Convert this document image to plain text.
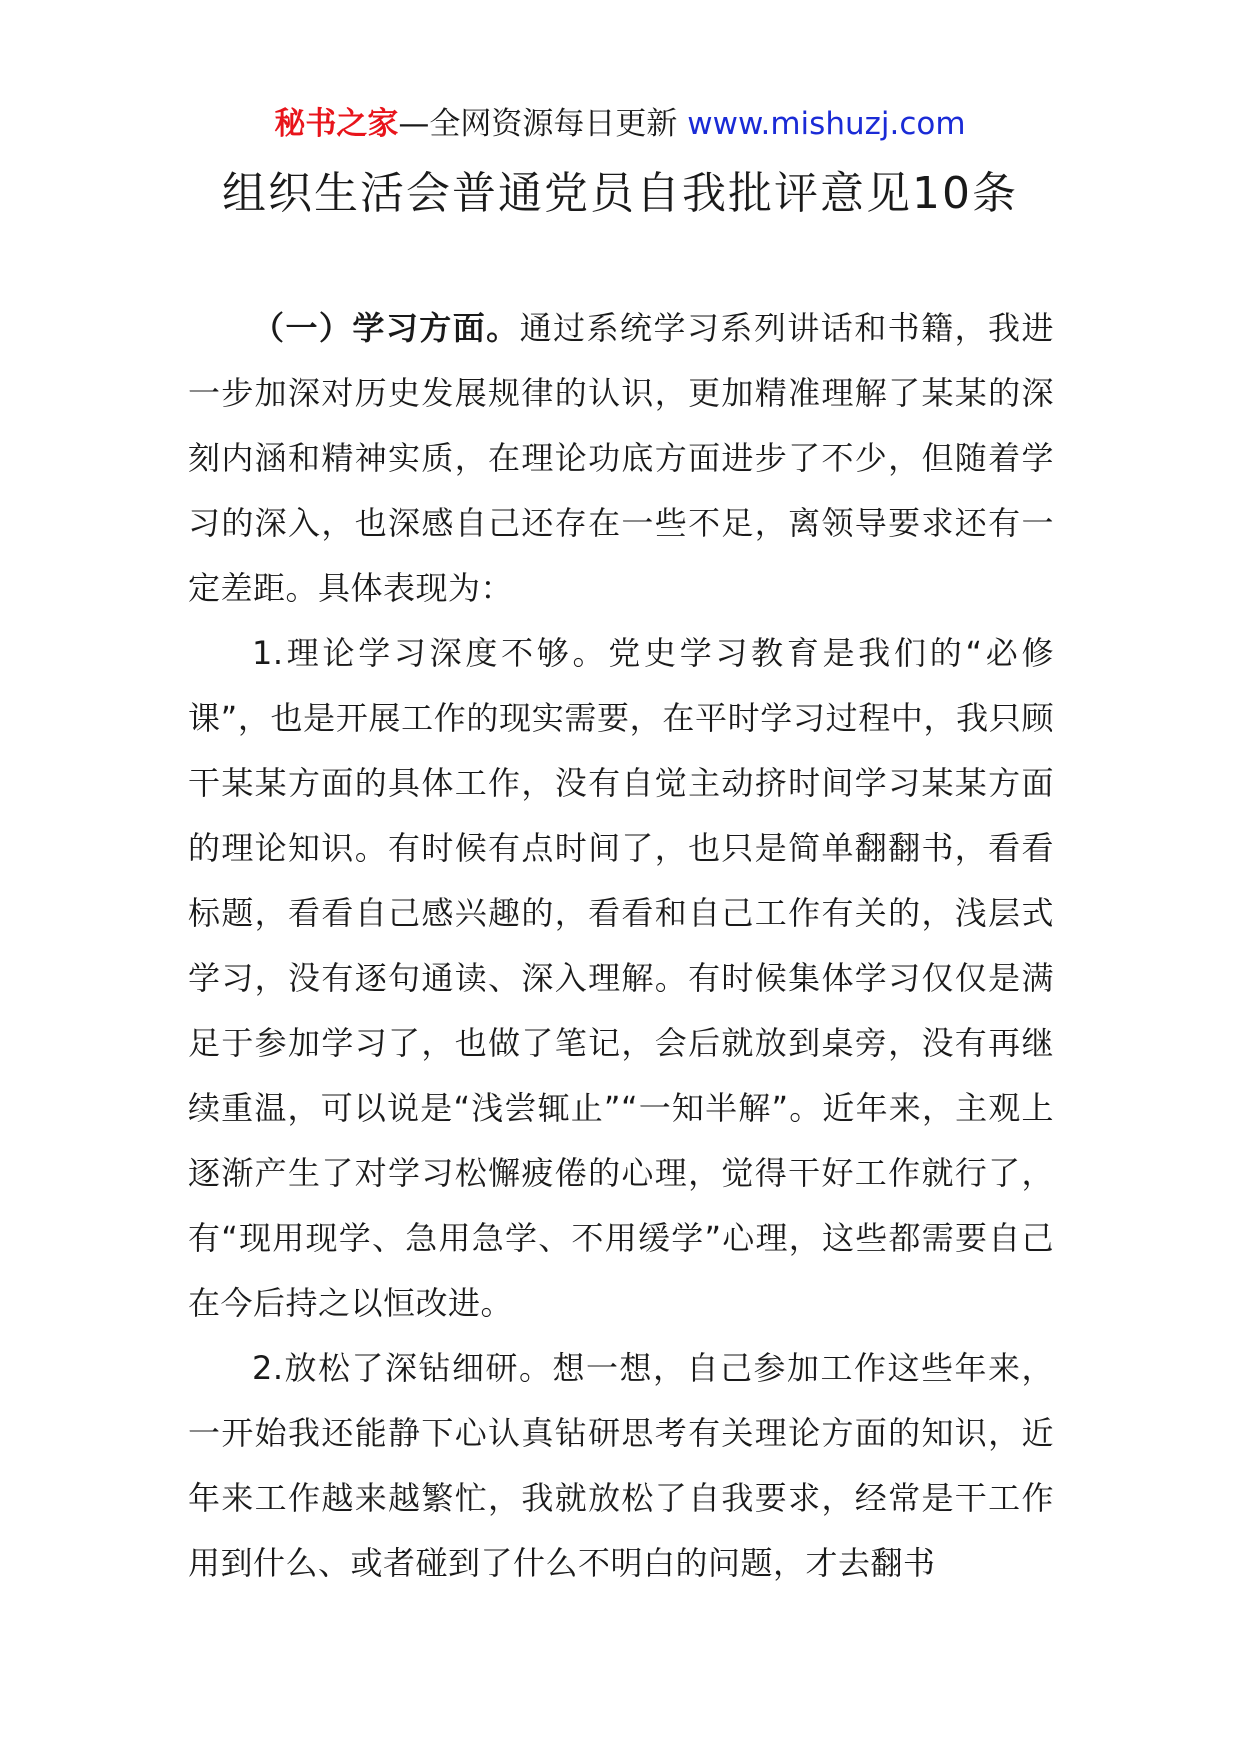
秘书之家—全网资源每日更新 www.mishuzj.com
组织生活会普通党员自我批评意见10条

（一）学习方面。通过系统学习系列讲话和书籍，我进一步加深对历史发展规律的认识，更加精准理解了某某的深刻内涵和精神实质，在理论功底方面进步了不少，但随着学习的深入，也深感自己还存在一些不足，离领导要求还有一定差距。具体表现为：

1.理论学习深度不够。党史学习教育是我们的“必修课”，也是开展工作的现实需要，在平时学习过程中，我只顾干某某方面的具体工作，没有自觉主动挤时间学习某某方面的理论知识。有时候有点时间了，也只是简单翻翻书，看看标题，看看自己感兴趣的，看看和自己工作有关的，浅层式学习，没有逐句通读、深入理解。有时候集体学习仅仅是满足于参加学习了，也做了笔记，会后就放到桌旁，没有再继续重温，可以说是“浅尝辄止”“一知半解”。近年来，主观上逐渐产生了对学习松懈疲倦的心理，觉得干好工作就行了，有“现用现学、急用急学、不用缓学”心理，这些都需要自己在今后持之以恒改进。

2.放松了深钻细研。想一想，自己参加工作这些年来，一开始我还能静下心认真钻研思考有关理论方面的知识，近年来工作越来越繁忙，我就放松了自我要求，经常是干工作用到什么、或者碰到了什么不明白的问题，才去翻书
